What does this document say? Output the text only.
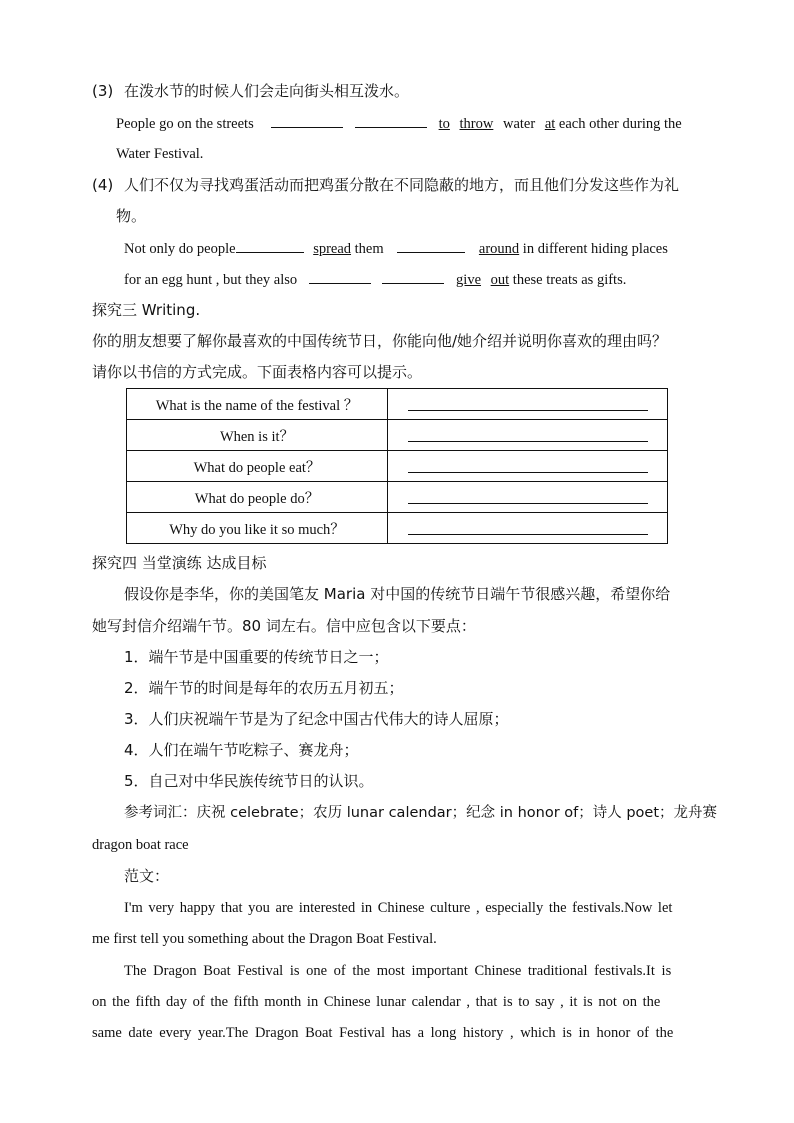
(3) 在泼水节的时候人们会走向街头相互泼水。
People go on the streets	to throw water at each other during the
Water Festival.
(4) 人们不仅为寻找鸡蛋活动而把鸡蛋分散在不同隐蔽的地方，而且他们分发这些作为礼
物。
Not only do people	spread them	around in different hiding places
for an egg hunt , but they also	give out these treats as gifts.
探究三 Writing.
你的朋友想要了解你最喜欢的中国传统节日，你能向他/她介绍并说明你喜欢的理由吗？
请你以书信的方式完成。下面表格内容可以提示。
What is the name of the festival ？	
When is it？	
What do people eat？	
What do people do？	
Why do you like it so much？	
探究四 当堂演练 达成目标
假设你是李华，你的美国笔友 Maria 对中国的传统节日端午节很感兴趣，希望你给
她写封信介绍端午节。80 词左右。信中应包含以下要点：
1．端午节是中国重要的传统节日之一；
2．端午节的时间是每年的农历五月初五；
3．人们庆祝端午节是为了纪念中国古代伟大的诗人屈原；
4．人们在端午节吃粽子、赛龙舟；
5．自己对中华民族传统节日的认识。
参考词汇：庆祝 celebrate；农历 lunar calendar；纪念 in honor of；诗人 poet；龙舟赛
dragon boat race
范文：
I'm very happy that you are interested in Chinese culture , especially the festivals.Now let
me first tell you something about the Dragon Boat Festival.
The Dragon Boat Festival is one of the most important Chinese traditional festivals.It is
on the fifth day of the fifth month in Chinese lunar calendar , that is to say , it is not on the
same date every year.The Dragon Boat Festival has a long history , which is in honor of the
